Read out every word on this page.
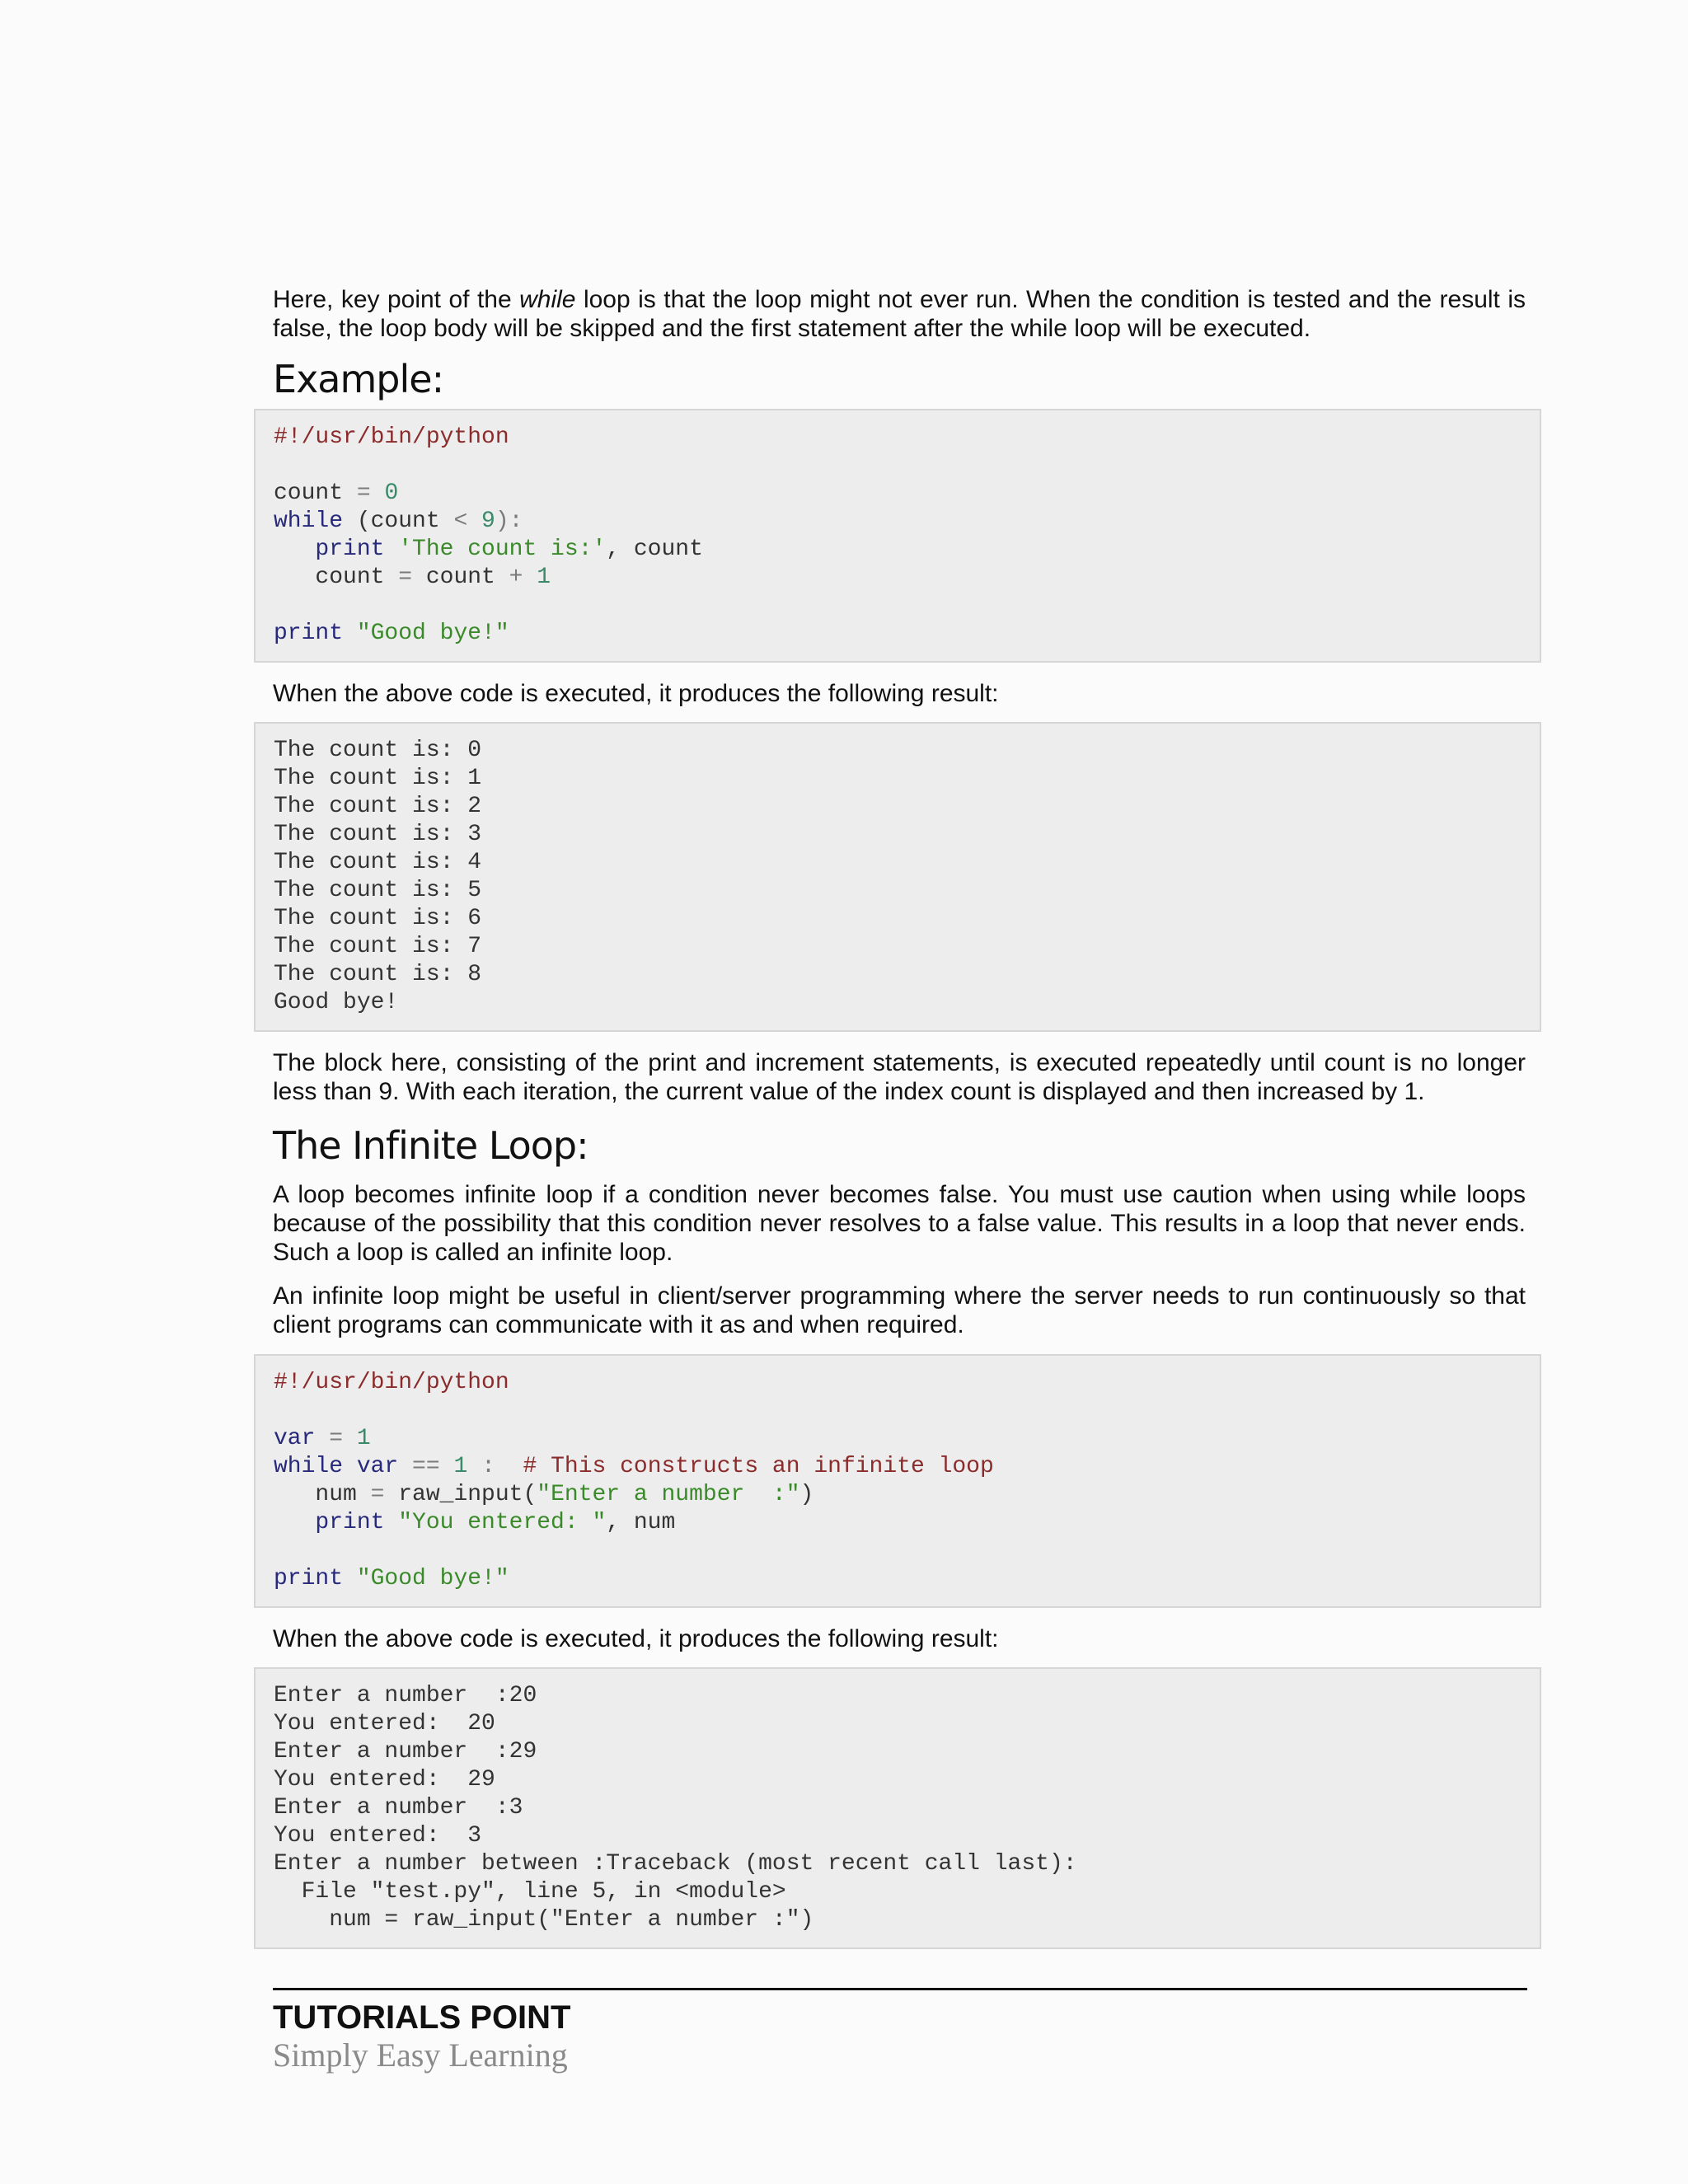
Here, key point of the while loop is that the loop might not ever run. When the condition is tested and the result is false, the loop body will be skipped and the first statement after the while loop will be executed.

Example:
#!/usr/bin/python
count = 0
while (count < 9):
print 'The count is:', count
count = count + 1
print "Good bye!"

When the above code is executed, it produces the following result:

The count is: 0
The count is: 1
The count is: 2
The count is: 3
The count is: 4
The count is: 5
The count is: 6
The count is: 7
The count is: 8
Good bye!

The block here, consisting of the print and increment statements, is executed repeatedly until count is no longer less than 9. With each iteration, the current value of the index count is displayed and then increased by 1.

The Infinite Loop:

A loop becomes infinite loop if a condition never becomes false. You must use caution when using while loops because of the possibility that this condition never resolves to a false value. This results in a loop that never ends. Such a loop is called an infinite loop.

An infinite loop might be useful in client/server programming where the server needs to run continuously so that client programs can communicate with it as and when required.

#!/usr/bin/python
var = 1
while var == 1 :  # This constructs an infinite loop
num = raw_input("Enter a number  :")
print "You entered: ", num
print "Good bye!"

When the above code is executed, it produces the following result:

Enter a number  :20
You entered:  20
Enter a number  :29
You entered:  29
Enter a number  :3
You entered:  3
Enter a number between :Traceback (most recent call last):
File "test.py", line 5, in <module>
num = raw_input("Enter a number :")
TUTORIALS POINT
Simply Easy Learning
